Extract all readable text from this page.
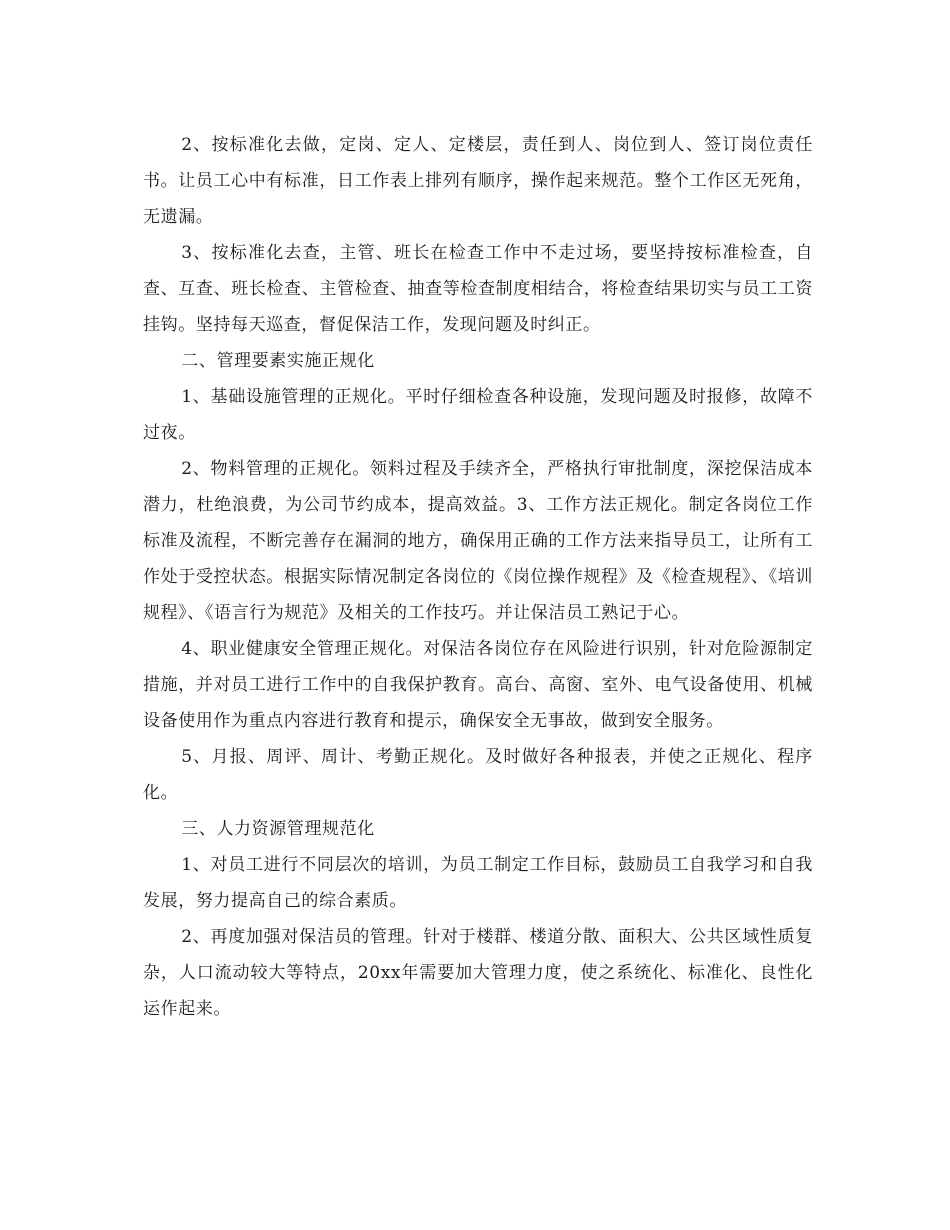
2、按标准化去做，定岗、定人、定楼层，责任到人、岗位到人、签订岗位责任书。让员工心中有标准，日工作表上排列有顺序，操作起来规范。整个工作区无死角，无遗漏。

3、按标准化去查，主管、班长在检查工作中不走过场，要坚持按标准检查，自查、互查、班长检查、主管检查、抽查等检查制度相结合，将检查结果切实与员工工资挂钩。坚持每天巡查，督促保洁工作，发现问题及时纠正。

二、管理要素实施正规化

1、基础设施管理的正规化。平时仔细检查各种设施，发现问题及时报修，故障不过夜。

2、物料管理的正规化。领料过程及手续齐全，严格执行审批制度，深挖保洁成本潜力，杜绝浪费，为公司节约成本，提高效益。3、工作方法正规化。制定各岗位工作标准及流程，不断完善存在漏洞的地方，确保用正确的工作方法来指导员工，让所有工作处于受控状态。根据实际情况制定各岗位的《岗位操作规程》及《检查规程》、《培训规程》、《语言行为规范》及相关的工作技巧。并让保洁员工熟记于心。

4、职业健康安全管理正规化。对保洁各岗位存在风险进行识别，针对危险源制定措施，并对员工进行工作中的自我保护教育。高台、高窗、室外、电气设备使用、机械设备使用作为重点内容进行教育和提示，确保安全无事故，做到安全服务。

5、月报、周评、周计、考勤正规化。及时做好各种报表，并使之正规化、程序化。

三、人力资源管理规范化

1、对员工进行不同层次的培训，为员工制定工作目标，鼓励员工自我学习和自我发展，努力提高自己的综合素质。

2、再度加强对保洁员的管理。针对于楼群、楼道分散、面积大、公共区域性质复杂，人口流动较大等特点，20xx年需要加大管理力度，使之系统化、标准化、良性化运作起来。
